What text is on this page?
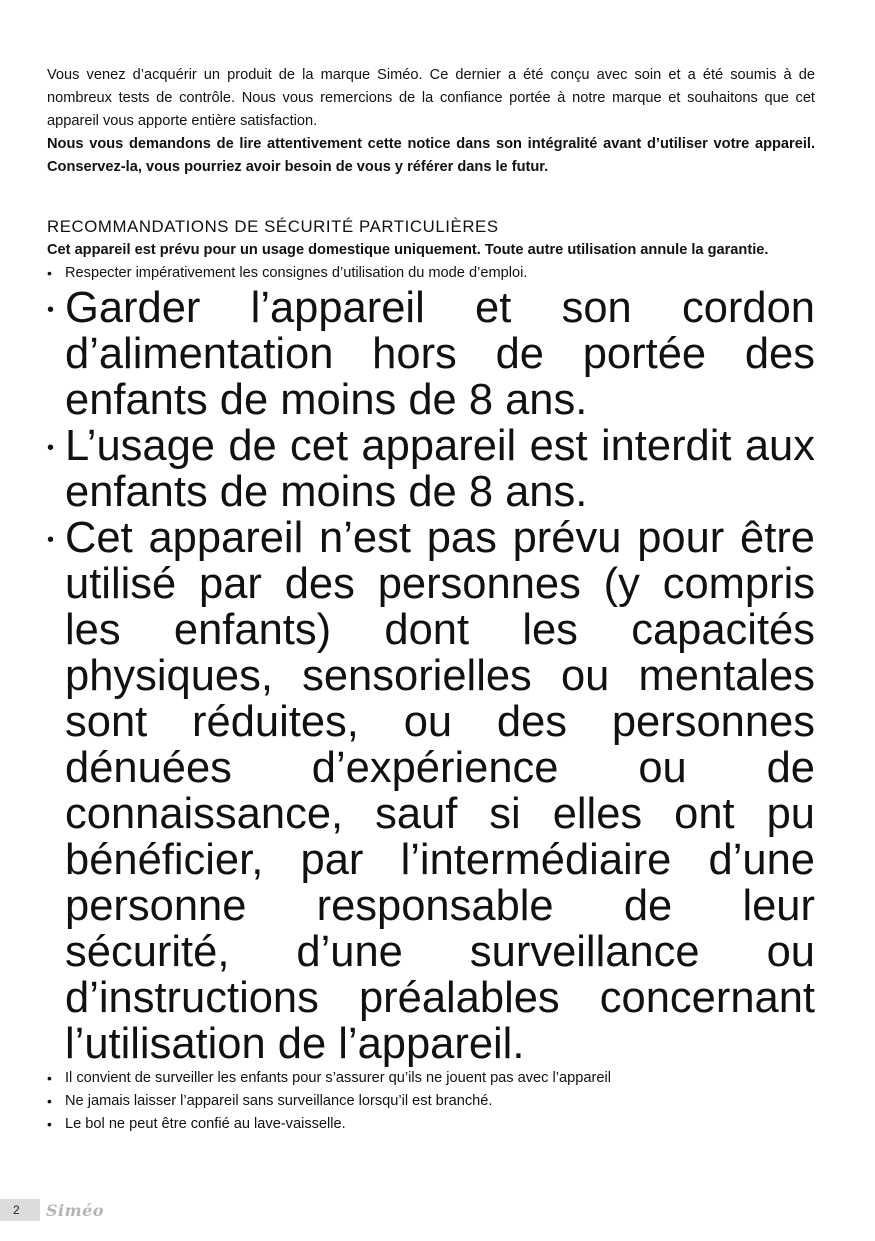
Vous venez d’acquérir un produit de la marque Siméo. Ce dernier a été conçu avec soin et a été soumis à de nombreux tests de contrôle. Nous vous remercions de la confiance portée à notre marque et souhaitons que cet appareil vous apporte entière satisfaction.

Nous vous demandons de lire attentivement cette notice dans son intégralité avant d’utiliser votre appareil. Conservez-la, vous pourriez avoir besoin de vous y référer dans le futur.

RECOMMANDATIONS DE SÉCURITÉ PARTICULIÈRES

Cet appareil est prévu pour un usage domestique uniquement. Toute autre utilisation annule la garantie.

• Respecter impérativement les consignes d’utilisation du mode d’emploi.
• Garder l’appareil et son cordon d’alimentation hors de portée des enfants de moins de 8 ans.
• L’usage de cet appareil est interdit aux enfants de moins de 8 ans.
• Cet appareil n’est pas prévu pour être utilisé par des personnes (y compris les enfants) dont les capacités physiques, sensorielles ou mentales sont réduites, ou des personnes dénuées d’expérience ou de connaissance, sauf si elles ont pu bénéficier, par l’intermédiaire d’une personne responsable de leur sécurité, d’une surveillance ou d’instructions préalables concernant l’utilisation de l’appareil.
• Il convient de surveiller les enfants pour s’assurer qu’ils ne jouent pas avec l’appareil
• Ne jamais laisser l’appareil sans surveillance lorsqu’il est branché.
• Le bol ne peut être confié au lave-vaisselle.
2	Siméo
